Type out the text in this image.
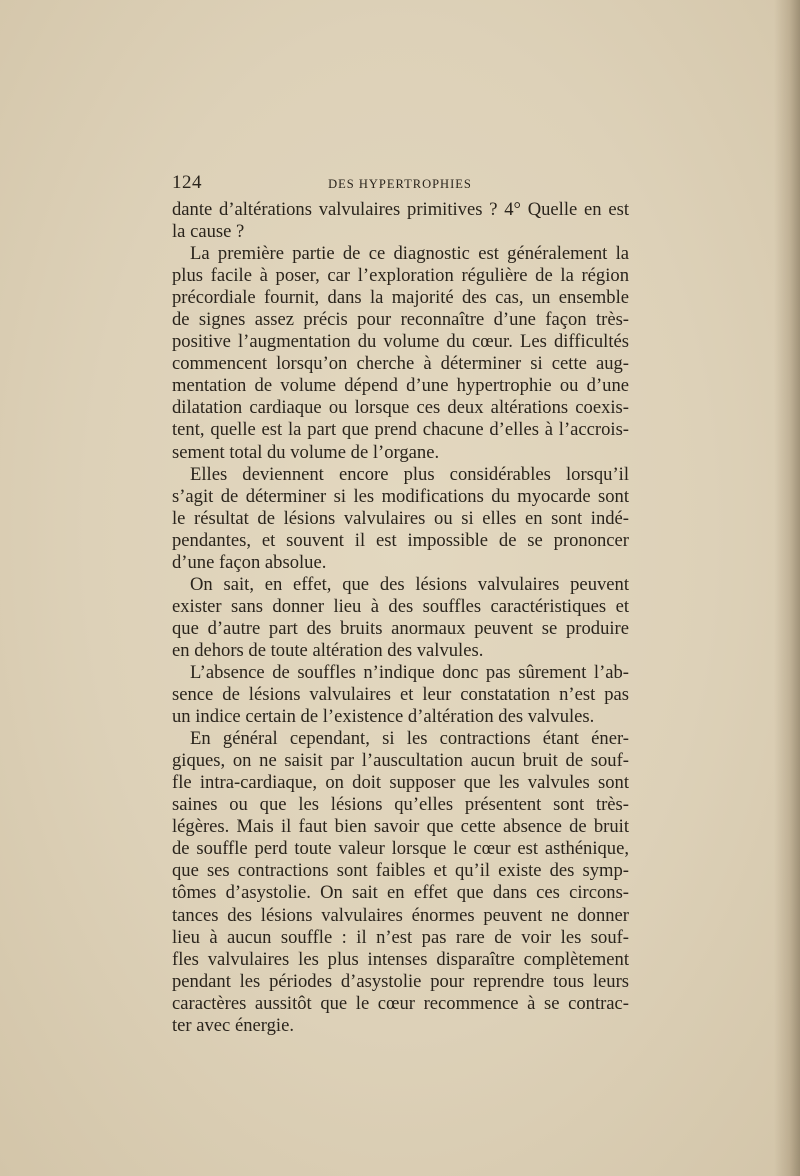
124	DES HYPERTROPHIES
dante d’altérations valvulaires primitives ? 4° Quelle en est
la cause ?
La première partie de ce diagnostic est généralement la
plus facile à poser, car l’exploration régulière de la région
précordiale fournit, dans la majorité des cas, un ensemble
de signes assez précis pour reconnaître d’une façon très-
positive l’augmentation du volume du cœur. Les difficultés
commencent lorsqu’on cherche à déterminer si cette aug-
mentation de volume dépend d’une hypertrophie ou d’une
dilatation cardiaque ou lorsque ces deux altérations coexis-
tent, quelle est la part que prend chacune d’elles à l’accrois-
sement total du volume de l’organe.
Elles deviennent encore plus considérables lorsqu’il
s’agit de déterminer si les modifications du myocarde sont
le résultat de lésions valvulaires ou si elles en sont indé-
pendantes, et souvent il est impossible de se prononcer
d’une façon absolue.
On sait, en effet, que des lésions valvulaires peuvent
exister sans donner lieu à des souffles caractéristiques et
que d’autre part des bruits anormaux peuvent se produire
en dehors de toute altération des valvules.
L’absence de souffles n’indique donc pas sûrement l’ab-
sence de lésions valvulaires et leur constatation n’est pas
un indice certain de l’existence d’altération des valvules.
En général cependant, si les contractions étant éner-
giques, on ne saisit par l’auscultation aucun bruit de souf-
fle intra-cardiaque, on doit supposer que les valvules sont
saines ou que les lésions qu’elles présentent sont très-
légères. Mais il faut bien savoir que cette absence de bruit
de souffle perd toute valeur lorsque le cœur est asthénique,
que ses contractions sont faibles et qu’il existe des symp-
tômes d’asystolie. On sait en effet que dans ces circons-
tances des lésions valvulaires énormes peuvent ne donner
lieu à aucun souffle : il n’est pas rare de voir les souf-
fles valvulaires les plus intenses disparaître complètement
pendant les périodes d’asystolie pour reprendre tous leurs
caractères aussitôt que le cœur recommence à se contrac-
ter avec énergie.
